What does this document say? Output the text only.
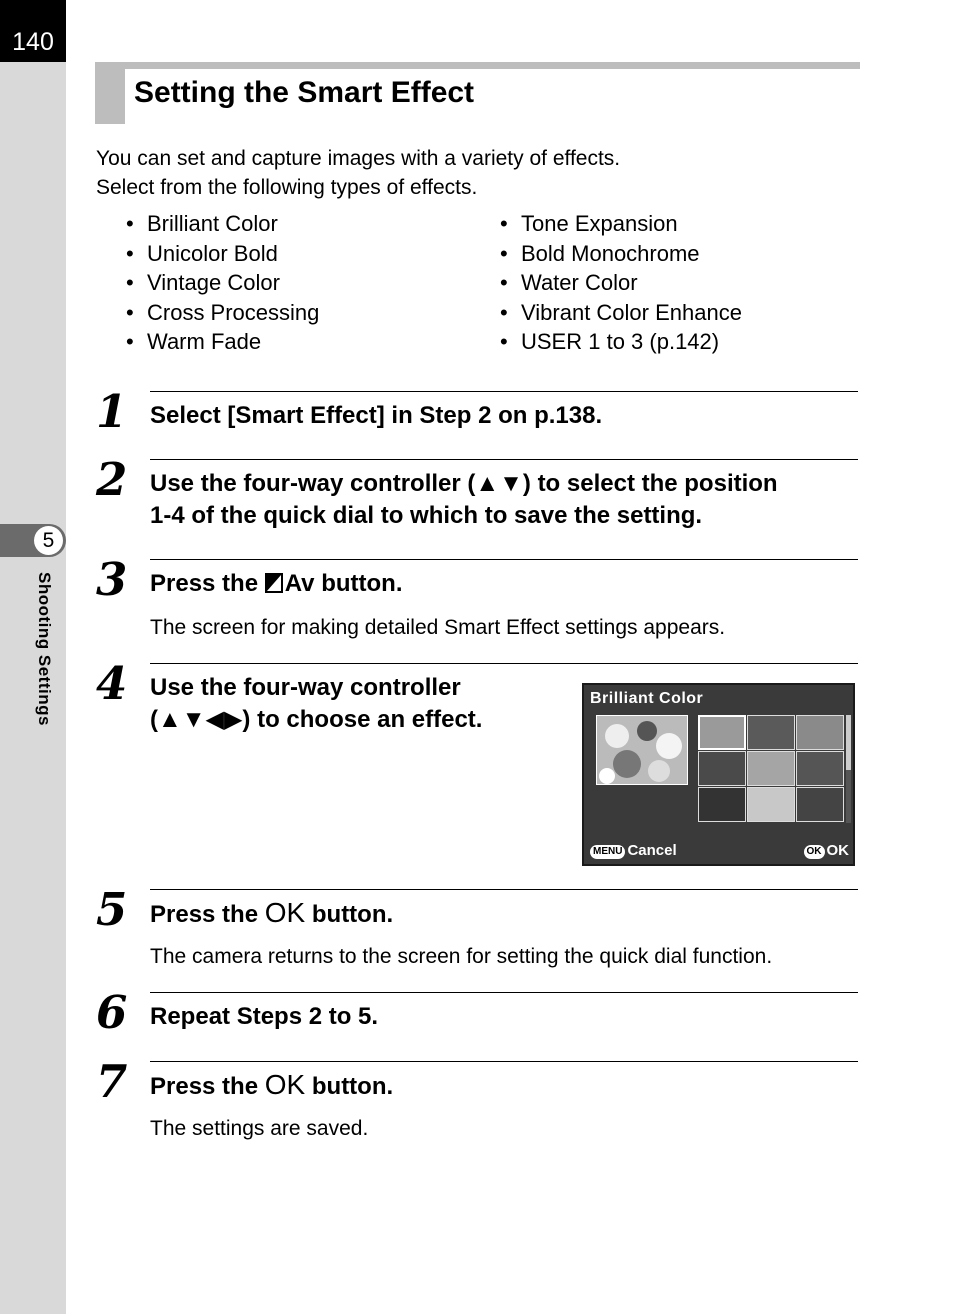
140
5
Shooting Settings
Setting the Smart Effect
You can set and capture images with a variety of effects.
Select from the following types of effects.
• Brilliant Color
• Unicolor Bold
• Vintage Color
• Cross Processing
• Warm Fade
• Tone Expansion
• Bold Monochrome
• Water Color
• Vibrant Color Enhance
• USER 1 to 3 (p.142)
1 Select [Smart Effect] in Step 2 on p.138.
2 Use the four-way controller (▲▼) to select the position
1-4 of the quick dial to which to save the setting.
3 Press the Av button.
The screen for making detailed Smart Effect settings appears.
4 Use the four-way controller
(▲▼◀▶) to choose an effect.
Brilliant Color
MENU Cancel	OK OK
5 Press the OK button.
The camera returns to the screen for setting the quick dial function.
6 Repeat Steps 2 to 5.
7 Press the OK button.
The settings are saved.
